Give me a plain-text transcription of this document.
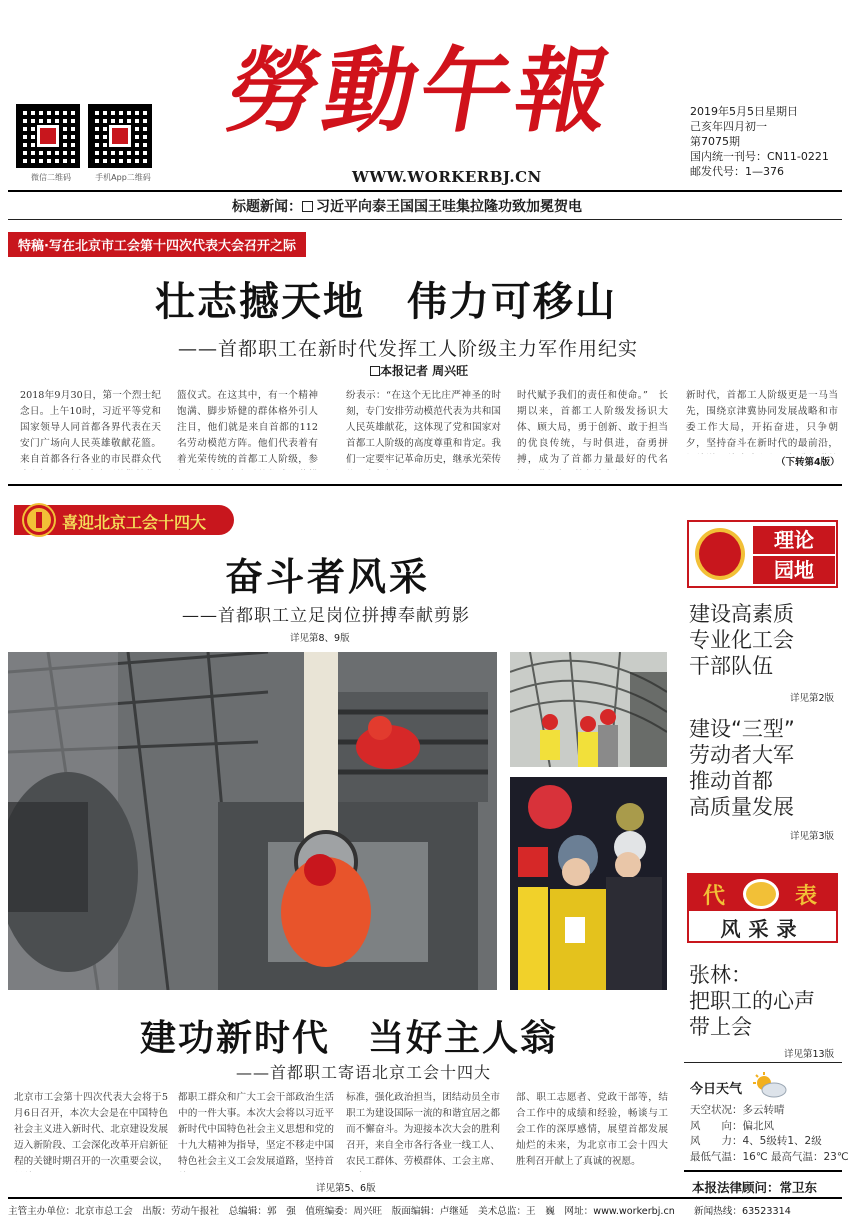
微信二维码	手机App二维码
勞動午報
WWW.WORKERBJ.CN
2019年5月5日星期日
己亥年四月初一
第7075期
国内统一刊号：CN11-0221
邮发代号：1—376
标题新闻： 习近平向泰王国国王哇集拉隆功致加冕贺电
特稿·写在北京市工会第十四次代表大会召开之际
壮志撼天地　伟力可移山
——首都职工在新时代发挥工人阶级主力军作用纪实
本报记者 周兴旺
2018年9月30日，第一个烈士纪念日。上午10时，习近平等党和国家领导人同首都各界代表在天安门广场向人民英雄敬献花篮。来自首都各行各业的市民群众代
篮仪式。在这其中，有一个精神饱满、脚步矫健的群体格外引人注目，他们就是来自首都的112名劳动模范方阵。他们代表着有着光荣传统的首都工人阶级，参
纷表示：“在这个无比庄严神圣的时刻，专门安排劳动模范代表为共和国人民英雄献花，这体现了党和国家对首都工人阶级的高度尊重和肯定。我们一定要牢记革命历史，继承光荣传
时代赋予我们的责任和使命。”　长期以来，首都工人阶级发扬识大体、顾大局，勇于创新、敢于担当的优良传统，与时俱进，奋勇拼搏，成为了首都力量最好的代名
新时代，首都工人阶级更是一马当先，围绕京津冀协同发展战略和市委工作大局，开拓奋进，只争朝夕，坚持奋斗在新时代的最前沿，
（下转第4版）
喜迎北京工会十四大
奋斗者风采
——首都职工立足岗位拼搏奉献剪影
详见第8、9版
建功新时代　当好主人翁
——首都职工寄语北京工会十四大
北京市工会第十四次代表大会将于5月6日召开，本次大会是在中国特色社会主义进入新时代、北京建设发展迈入新阶段、工会深化改革开启新征程的关键时期召开的一次重要会议，
都职工群众和广大工会干部政治生活中的一件大事。本次大会将以习近平新时代中国特色社会主义思想和党的十九大精神为指导，坚定不移走中国特色社会主义工会发展道路，坚持首
标准，强化政治担当，团结动员全市职工为建设国际一流的和谐宜居之都而不懈奋斗。为迎接本次大会的胜利召开，来自全市各行各业一线工人、农民工群体、劳模群体、工会主席、
部、职工志愿者、党政干部等，结合工作中的成绩和经验，畅谈与工会工作的深厚感情，展望首都发展灿烂的未来，为北京市工会十四大胜利召开献上了真诚的祝愿。
详见第5、6版
理论
园地
建设高素质
专业化工会
干部队伍
详见第2版
建设“三型”
劳动者大军
推动首都
高质量发展
详见第3版
代	表
风采录
张林：
把职工的心声
带上会
详见第13版
今日天气
天空状况：多云转晴
风　　向：偏北风
风　　力：4、5级转1、2级
最低气温：16℃ 最高气温：23℃
本报法律顾问：常卫东
主管主办单位：北京市总工会　出版：劳动午报社　总编辑：郭　强　值班编委：周兴旺　版面编辑：卢继延　美术总监：王　巍　网址：www.workerbj.cn　　新闻热线：63523314
